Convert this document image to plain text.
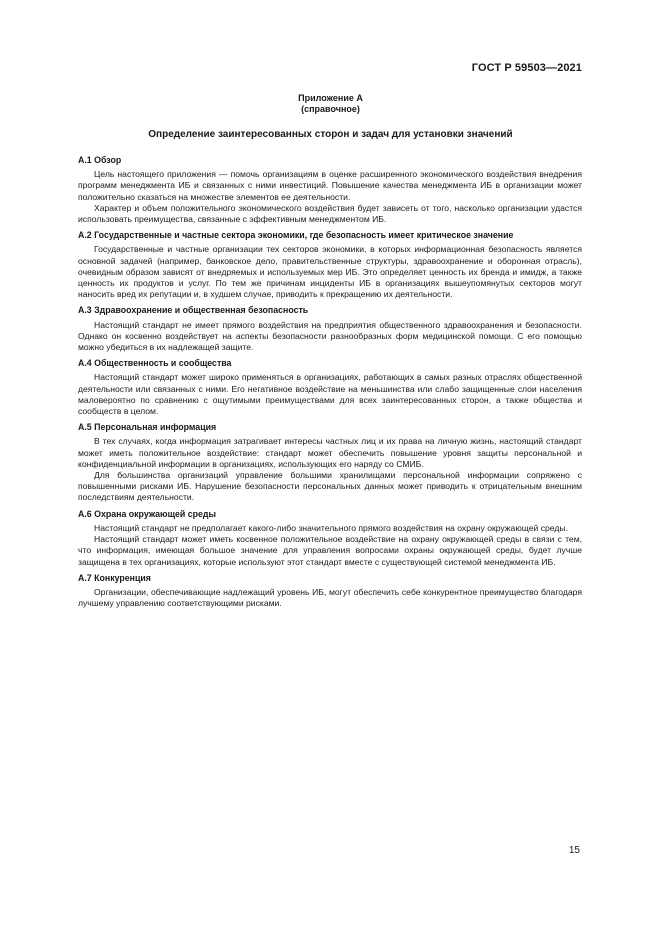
ГОСТ Р 59503—2021
Приложение А
(справочное)
Определение заинтересованных сторон и задач для установки значений
А.1 Обзор

Цель настоящего приложения — помочь организациям в оценке расширенного экономического воздействия внедрения программ менеджмента ИБ и связанных с ними инвестиций. Повышение качества менеджмента ИБ в организации может положительно сказаться на множестве элементов ее деятельности.

Характер и объем положительного экономического воздействия будет зависеть от того, насколько организации удастся использовать преимущества, связанные с эффективным менеджментом ИБ.

А.2 Государственные и частные сектора экономики, где безопасность имеет критическое значение

Государственные и частные организации тех секторов экономики, в которых информационная безопасность является основной задачей (например, банковское дело, правительственные структуры, здравоохранение и оборонная отрасль), очевидным образом зависят от внедряемых и используемых мер ИБ. Это определяет ценность их бренда и имидж, а также ценность их продуктов и услуг. По тем же причинам инциденты ИБ в организациях вышеупомянутых секторов могут наносить вред их репутации и, в худшем случае, приводить к прекращению их деятельности.

А.3 Здравоохранение и общественная безопасность

Настоящий стандарт не имеет прямого воздействия на предприятия общественного здравоохранения и безопасности. Однако он косвенно воздействует на аспекты безопасности разнообразных форм медицинской помощи. С его помощью можно убедиться в их надлежащей защите.

А.4 Общественность и сообщества

Настоящий стандарт может широко применяться в организациях, работающих в самых разных отраслях общественной деятельности или связанных с ними. Его негативное воздействие на меньшинства или слабо защищенные слои населения маловероятно по сравнению с ощутимыми преимуществами для всех заинтересованных сторон, а также общества и сообществ в целом.

А.5 Персональная информация

В тех случаях, когда информация затрагивает интересы частных лиц и их права на личную жизнь, настоящий стандарт может иметь положительное воздействие: стандарт может обеспечить повышение уровня защиты персональной и конфиденциальной информации в организациях, использующих его наряду со СМИБ.

Для большинства организаций управление большими хранилищами персональной информации сопряжено с повышенными рисками ИБ. Нарушение безопасности персональных данных может приводить к отрицательным внешним последствиям деятельности.

А.6 Охрана окружающей среды

Настоящий стандарт не предполагает какого-либо значительного прямого воздействия на охрану окружающей среды.

Настоящий стандарт может иметь косвенное положительное воздействие на охрану окружающей среды в связи с тем, что информация, имеющая большое значение для управления вопросами охраны окружающей среды, будет лучше защищена в тех организациях, которые используют этот стандарт вместе с существующей системой менеджмента ИБ.

А.7 Конкуренция

Организации, обеспечивающие надлежащий уровень ИБ, могут обеспечить себе конкурентное преимущество благодаря лучшему управлению соответствующими рисками.

15
